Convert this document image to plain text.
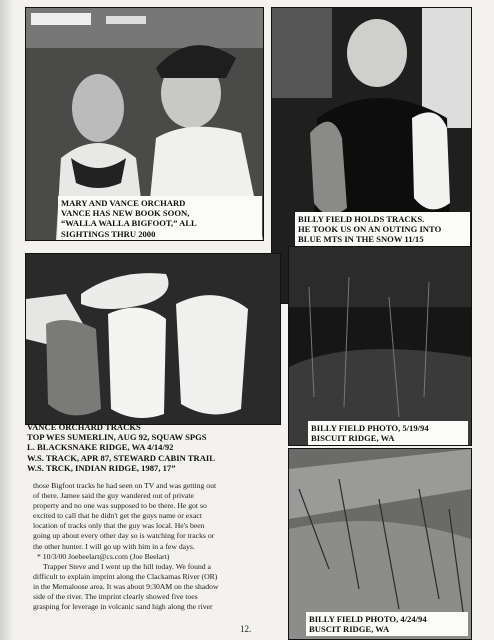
MARY AND VANCE ORCHARD
VANCE HAS NEW BOOK SOON,
“WALLA WALLA BIGFOOT,” ALL
SIGHTINGS THRU 2000
BILLY FIELD HOLDS TRACKS.
HE TOOK US ON AN OUTING INTO
BLUE MTS IN THE SNOW 11/15
VANCE ORCHARD TRACKS
TOP WES SUMERLIN, AUG 92, SQUAW SPGS
L. BLACKSNAKE RIDGE, WA 4/14/92
W.S. TRACK, APR 87, STEWARD CABIN TRAIL
W.S. TRCK, INDIAN RIDGE, 1987, 17”
BILLY FIELD PHOTO, 5/19/94
BISCUIT RIDGE, WA
BILLY FIELD PHOTO, 4/24/94
BUSCIT RIDGE, WA
those Bigfoot tracks he had seen on TV and was getting out
of there. Jamee said the guy wandered out of private
property and no one was supposed to be there. He got so
excited to call that he didn't get the guys name or exact
location of tracks only that the guy was local. He's been
going up about every other day so is watching for tracks or
the other hunter. I will go up with him in a few days.
* 10/3/00 Joebeelart@cs.com (Joe Beelart)
Trapper Steve and I went up the hill today. We found a
difficult to explain imprint along the Clackamas River (OR)
in the Memaloose area. It was about 9:30AM on the shadow
side of the river. The imprint clearly showed five toes
grasping for leverage in volcanic sand high along the river
12.
